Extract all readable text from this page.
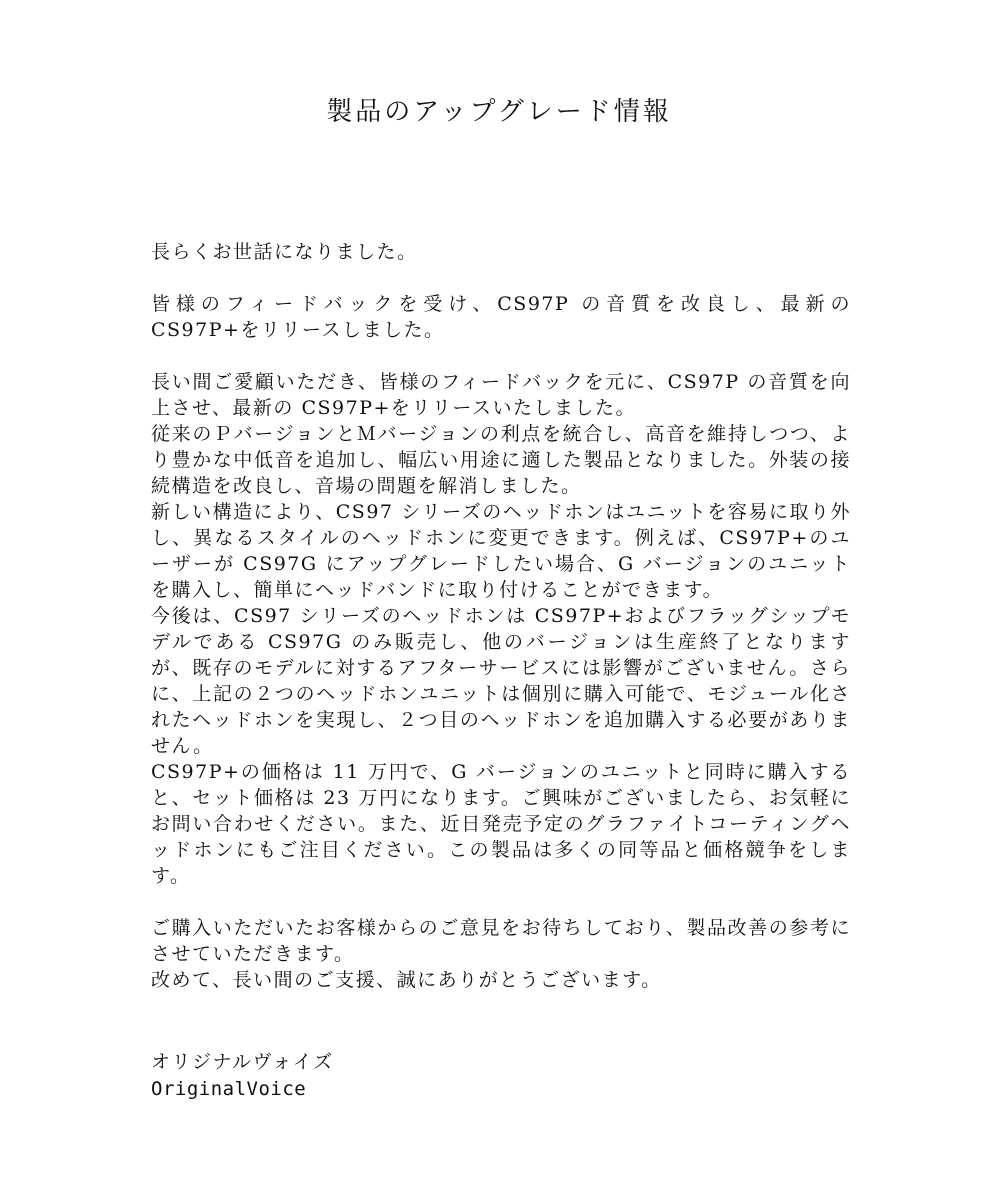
製品のアップグレード情報

長らくお世話になりました。

皆様のフィードバックを受け、CS97P の音質を改良し、最新の CS97P+をリリースしました。

長い間ご愛顧いただき、皆様のフィードバックを元に、CS97P の音質を向上させ、最新の CS97P+をリリースいたしました。

従来のＰバージョンとＭバージョンの利点を統合し、高音を維持しつつ、より豊かな中低音を追加し、幅広い用途に適した製品となりました。外装の接続構造を改良し、音場の問題を解消しました。

新しい構造により、CS97 シリーズのヘッドホンはユニットを容易に取り外し、異なるスタイルのヘッドホンに変更できます。例えば、CS97P+のユーザーが CS97G にアップグレードしたい場合、G バージョンのユニットを購入し、簡単にヘッドバンドに取り付けることができます。

今後は、CS97 シリーズのヘッドホンは CS97P+およびフラッグシップモデルである CS97G のみ販売し、他のバージョンは生産終了となりますが、既存のモデルに対するアフターサービスには影響がございません。さらに、上記の２つのヘッドホンユニットは個別に購入可能で、モジュール化されたヘッドホンを実現し、２つ目のヘッドホンを追加購入する必要がありません。

CS97P+の価格は 11 万円で、G バージョンのユニットと同時に購入すると、セット価格は 23 万円になります。ご興味がございましたら、お気軽にお問い合わせください。また、近日発売予定のグラファイトコーティングヘッドホンにもご注目ください。この製品は多くの同等品と価格競争をします。

ご購入いただいたお客様からのご意見をお待ちしており、製品改善の参考にさせていただきます。

改めて、長い間のご支援、誠にありがとうございます。

オリジナルヴォイズ
OriginalVoice
